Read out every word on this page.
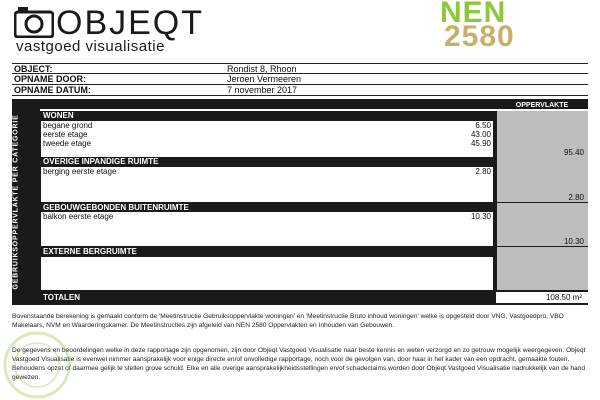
OBJEQT
vastgoed visualisatie
NEN
2580
OBJECT:	Rondist 8, Rhoon
OPNAME DOOR:	Jeroen Vermeeren
OPNAME DATUM:	7 november 2017
GEBRUIKSOPPERVLAKTE PER CATEGORIE
OPPERVLAKTE
WONEN
begane grond	6.50
eerste etage	43.00
tweede etage	45.90
95.40
OVERIGE INPANDIGE RUIMTE
berging eerste etage	2.80
2.80
GEBOUWGEBONDEN BUITENRUIMTE
balkon eerste etage	10.30
10.30
EXTERNE BERGRUIMTE
TOTALEN	108.50 m²
Bovenstaande berekening is gemaakt conform de 'Meetinstructie Gebruiksoppervlakte woningen' en 'Meetinstructie Bruto inhoud woningen' welke is opgesteld door VNG, Vastgoedpro, VBO Makelaars, NVM en Waarderingskamer. De Meetinstructies zijn afgeleid van NEN 2580 Oppervlakten en Inhouden van Gebouwen.
De gegevens en beoordelingen welke in deze rapportage zijn opgenomen, zijn door Objeqt Vastgoed Visualisatie naar beste kennis en weten verzorgd en zo getrouw mogelijk weergegeven. Objeqt Vastgoed Visualisatie is evenwel nimmer aansprakelijk voor enige directe en/of onvolledige rapportage, noch voor de gevolgen van, door haar in het kader van een opdracht, gemaakte fouten. Behoudens opzet of daarmee gelijk te stellen grove schuld. Elke en alle overige aansprakelijkheidsstellingen en/of schadeclaims worden door Objeqt Vastgoed Visualisatie nadrukkelijk van de hand gewezen.
